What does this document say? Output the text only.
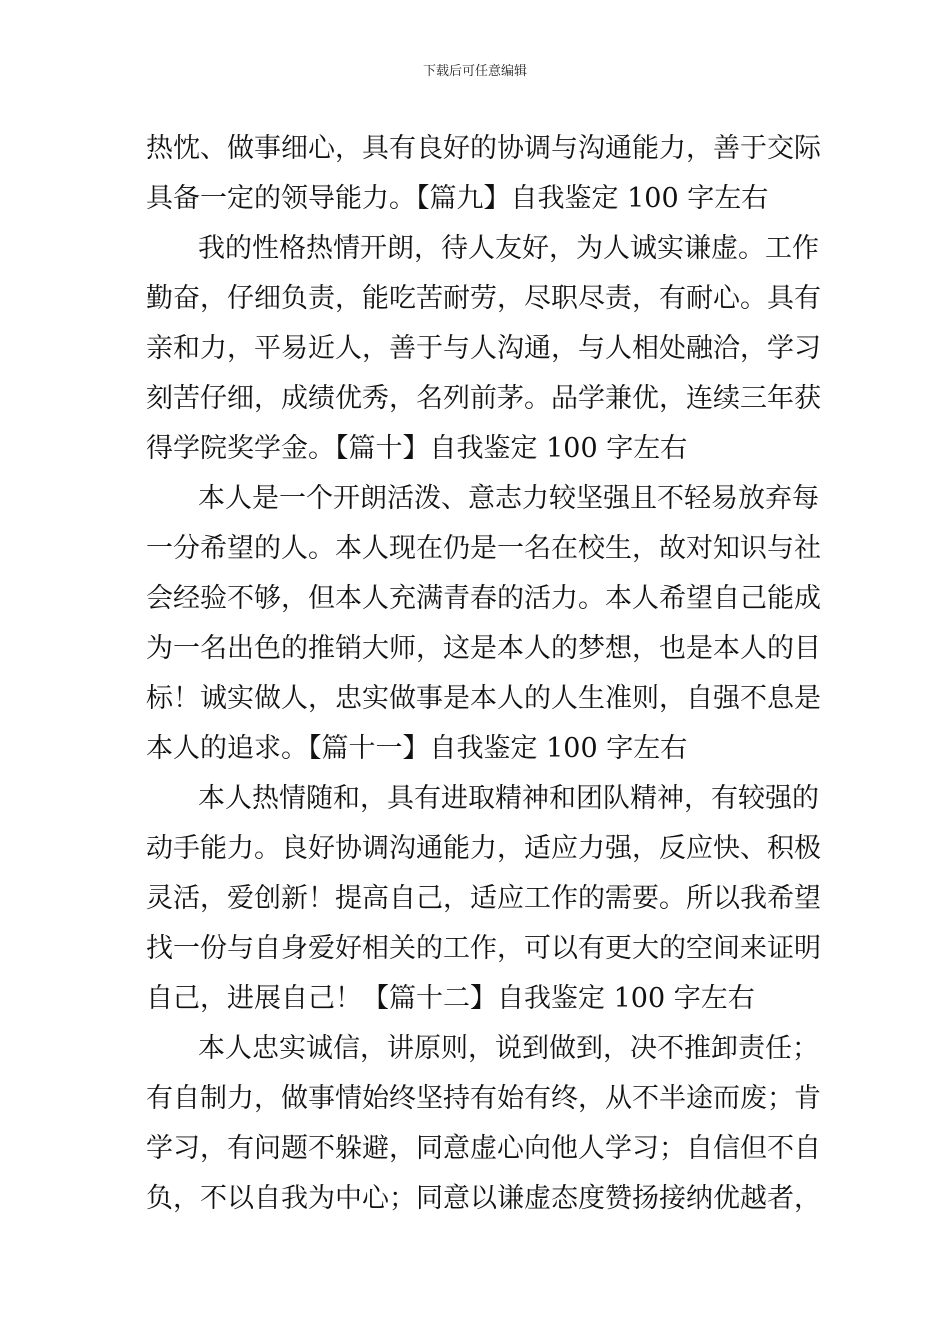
下载后可任意编辑
热忱、做事细心，具有良好的协调与沟通能力，善于交际
具备一定的领导能力。【篇九】自我鉴定 100 字左右
我的性格热情开朗，待人友好，为人诚实谦虚。工作
勤奋，仔细负责，能吃苦耐劳，尽职尽责，有耐心。具有
亲和力，平易近人，善于与人沟通，与人相处融洽，学习
刻苦仔细，成绩优秀，名列前茅。品学兼优，连续三年获
得学院奖学金。【篇十】自我鉴定 100 字左右
本人是一个开朗活泼、意志力较坚强且不轻易放弃每
一分希望的人。本人现在仍是一名在校生，故对知识与社
会经验不够，但本人充满青春的活力。本人希望自己能成
为一名出色的推销大师，这是本人的梦想，也是本人的目
标！诚实做人，忠实做事是本人的人生准则，自强不息是
本人的追求。【篇十一】自我鉴定 100 字左右
本人热情随和，具有进取精神和团队精神，有较强的
动手能力。良好协调沟通能力，适应力强，反应快、积极
灵活，爱创新！提高自己，适应工作的需要。所以我希望
找一份与自身爱好相关的工作，可以有更大的空间来证明
自己，进展自己！【篇十二】自我鉴定 100 字左右
本人忠实诚信，讲原则，说到做到，决不推卸责任；
有自制力，做事情始终坚持有始有终，从不半途而废；肯
学习，有问题不躲避，同意虚心向他人学习；自信但不自
负，不以自我为中心；同意以谦虚态度赞扬接纳优越者，
